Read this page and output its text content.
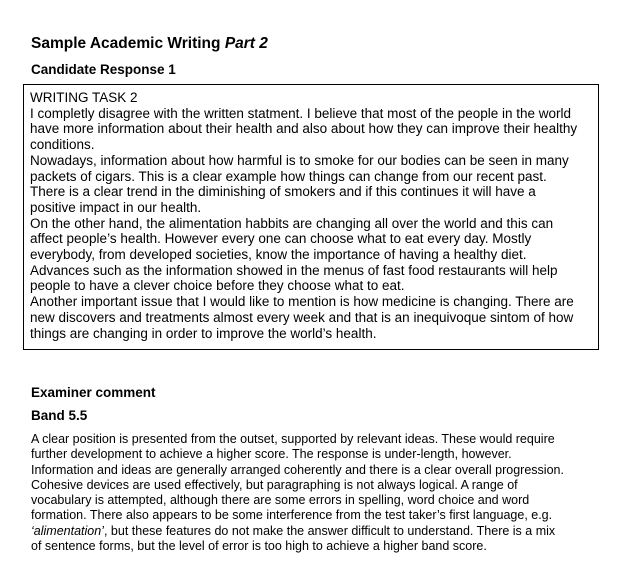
Sample Academic Writing Part 2
Candidate Response 1

WRITING TASK 2

I completly disagree with the written statment. I believe that most of the people in the world

have more information about their health and also about how they can improve their healthy

conditions.

Nowadays, information about how harmful is to smoke for our bodies can be seen in many

packets of cigars. This is a clear example how things can change from our recent past.

There is a clear trend in the diminishing of smokers and if this continues it will have a

positive impact in our health.

On the other hand, the alimentation habbits are changing all over the world and this can

affect people’s health. However every one can choose what to eat every day. Mostly

everybody, from developed societies, know the importance of having a healthy diet.

Advances such as the information showed in the menus of fast food restaurants will help

people to have a clever choice before they choose what to eat.

Another important issue that I would like to mention is how medicine is changing. There are

new discovers and treatments almost every week and that is an inequivoque sintom of how

things are changing in order to improve the world’s health.

Examiner comment
Band 5.5

A clear position is presented from the outset, supported by relevant ideas. These would require

further development to achieve a higher score. The response is under-length, however.

Information and ideas are generally arranged coherently and there is a clear overall progression.

Cohesive devices are used effectively, but paragraphing is not always logical. A range of

vocabulary is attempted, although there are some errors in spelling, word choice and word

formation. There also appears to be some interference from the test taker’s first language, e.g.

‘alimentation’, but these features do not make the answer difficult to understand. There is a mix

of sentence forms, but the level of error is too high to achieve a higher band score.
